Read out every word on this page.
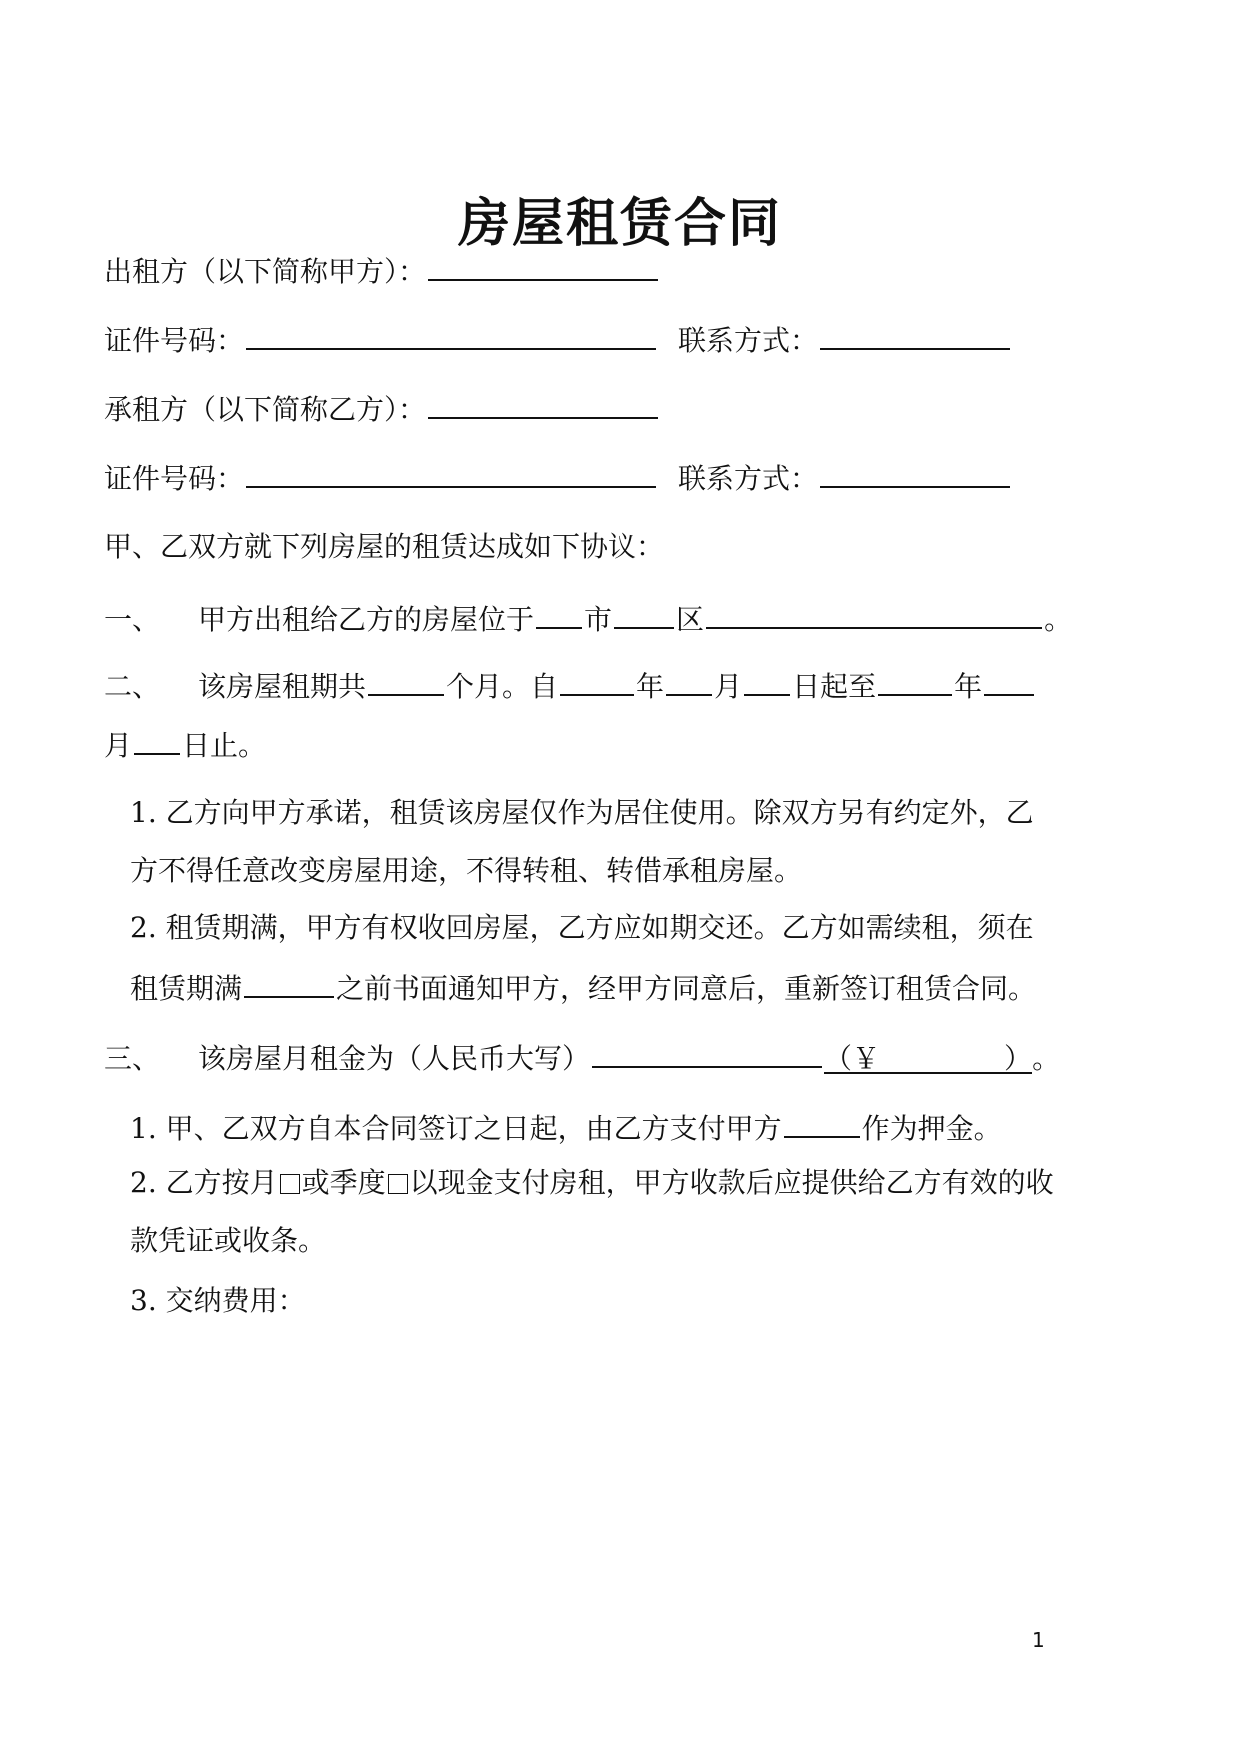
房屋租赁合同
出租方（以下简称甲方）：
证件号码：	联系方式：
承租方（以下简称乙方）：
证件号码：	联系方式：
甲、乙双方就下列房屋的租赁达成如下协议：
一、 甲方出租给乙方的房屋位于 市 区	。
二、 该房屋租期共	个月。自	年 月 日起至	年
月 日止。
1. 乙方向甲方承诺，租赁该房屋仅作为居住使用。除双方另有约定外，乙
方不得任意改变房屋用途，不得转租、转借承租房屋。
2. 租赁期满，甲方有权收回房屋，乙方应如期交还。乙方如需续租，须在
租赁期满	之前书面通知甲方，经甲方同意后，重新签订租赁合同。
三、 该房屋月租金为（人民币大写）	（￥	）。
1. 甲、乙双方自本合同签订之日起，由乙方支付甲方	作为押金。
2. 乙方按月 或季度 以现金支付房租，甲方收款后应提供给乙方有效的收
款凭证或收条。
3. 交纳费用：
1
